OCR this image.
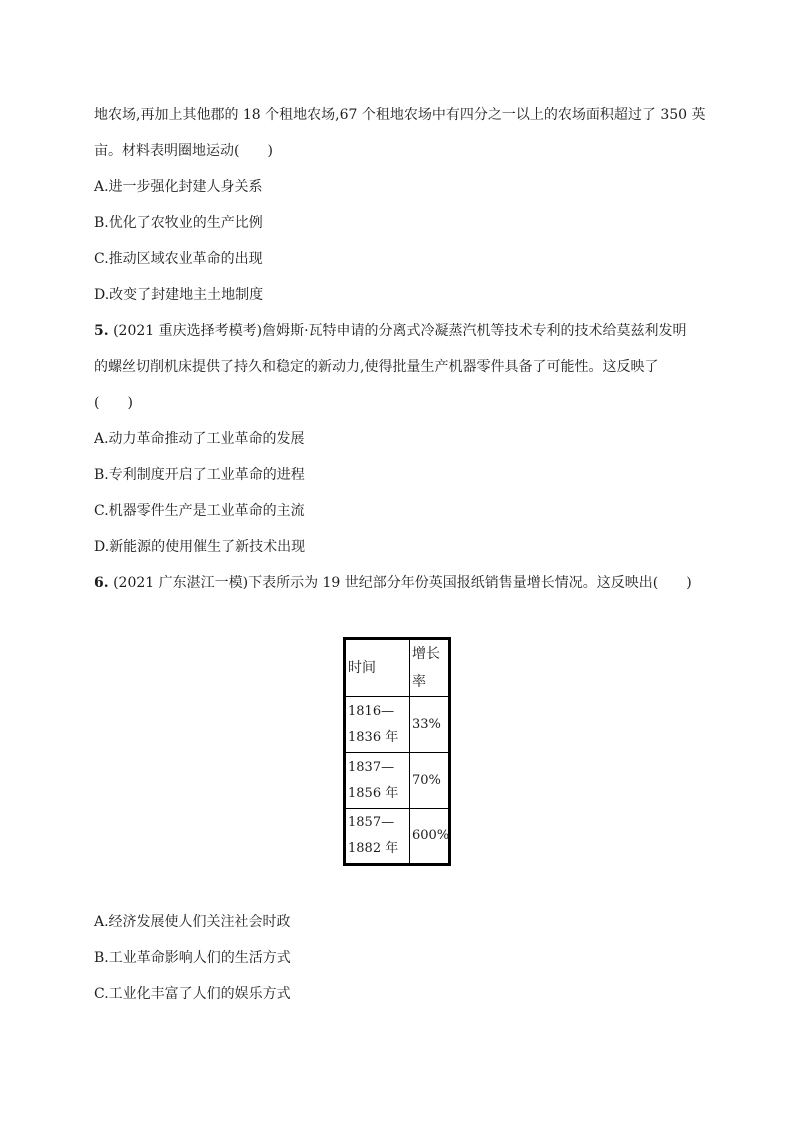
地农场,再加上其他郡的 18 个租地农场,67 个租地农场中有四分之一以上的农场面积超过了 350 英
亩。材料表明圈地运动(　　)
A.进一步强化封建人身关系
B.优化了农牧业的生产比例
C.推动区域农业革命的出现
D.改变了封建地主土地制度
5. (2021 重庆选择考模考)詹姆斯·瓦特申请的分离式冷凝蒸汽机等技术专利的技术给莫兹利发明
的螺丝切削机床提供了持久和稳定的新动力,使得批量生产机器零件具备了可能性。这反映了
(　　)
A.动力革命推动了工业革命的发展
B.专利制度开启了工业革命的进程
C.机器零件生产是工业革命的主流
D.新能源的使用催生了新技术出现
6. (2021 广东湛江一模)下表所示为 19 世纪部分年份英国报纸销售量增长情况。这反映出(　　)
时间	增长率
1816—1836 年	33%
1837—1856 年	70%
1857—1882 年	600%
A.经济发展使人们关注社会时政
B.工业革命影响人们的生活方式
C.工业化丰富了人们的娱乐方式
